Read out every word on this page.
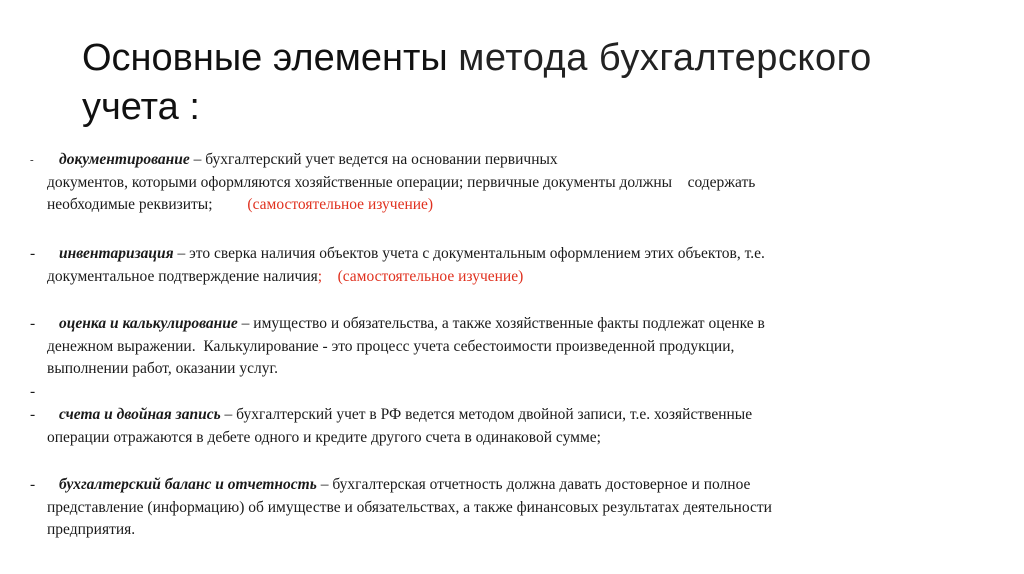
Основные элементы метода бухгалтерского
учета :
-	документирование – бухгалтерский учет ведется на основании первичных
документов, которыми оформляются хозяйственные операции; первичные документы должны    содержать
необходимые реквизиты;         (самостоятельное изучение)
-	инвентаризация – это сверка наличия объектов учета с документальным оформлением этих объектов, т.е.
документальное подтверждение наличия;    (самостоятельное изучение)
-	оценка и калькулирование – имущество и обязательства, а также хозяйственные факты подлежат оценке в
денежном выражении.  Калькулирование - это процесс учета себестоимости произведенной продукции,
выполнении работ, оказании услуг.
-
-	счета и двойная запись – бухгалтерский учет в РФ ведется методом двойной записи, т.е. хозяйственные
операции отражаются в дебете одного и кредите другого счета в одинаковой сумме;
-	бухгалтерский баланс и отчетность – бухгалтерская отчетность должна давать достоверное и полное
представление (информацию) об имуществе и обязательствах, а также финансовых результатах деятельности
предприятия.
